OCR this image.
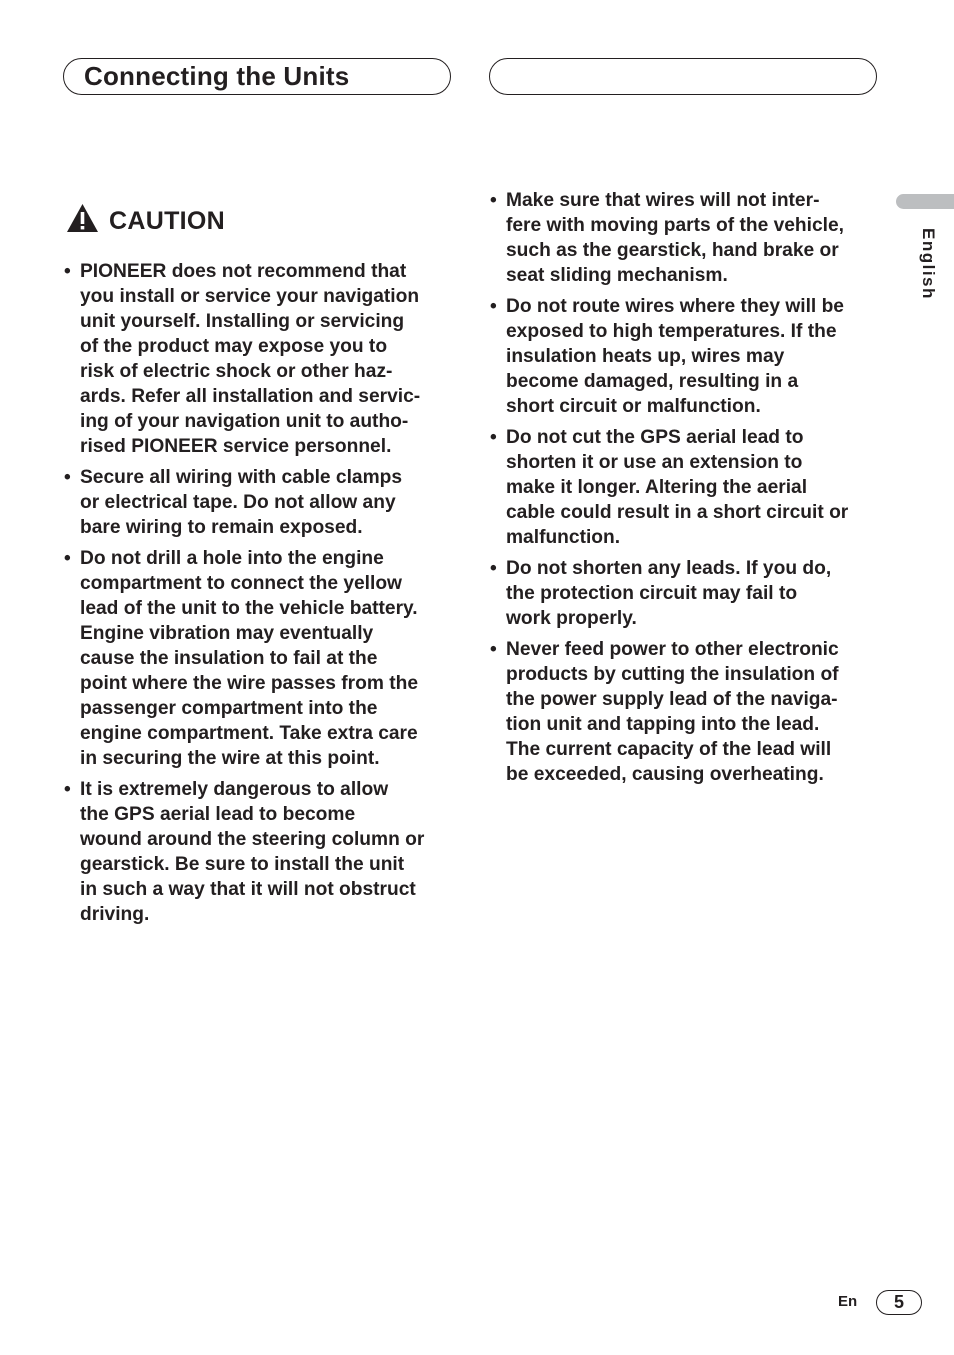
Connecting the Units
CAUTION
• PIONEER does not recommend that
you install or service your navigation
unit yourself. Installing or servicing
of the product may expose you to
risk of electric shock or other haz-
ards. Refer all installation and servic-
ing of your navigation unit to autho-
rised PIONEER service personnel.
• Secure all wiring with cable clamps
or electrical tape. Do not allow any
bare wiring to remain exposed.
• Do not drill a hole into the engine
compartment to connect the yellow
lead of the unit to the vehicle battery.
Engine vibration may eventually
cause the insulation to fail at the
point where the wire passes from the
passenger compartment into the
engine compartment. Take extra care
in securing the wire at this point.
• It is extremely dangerous to allow
the GPS aerial lead to become
wound around the steering column or
gearstick. Be sure to install the unit
in such a way that it will not obstruct
driving.
• Make sure that wires will not inter-
fere with moving parts of the vehicle,
such as the gearstick, hand brake or
seat sliding mechanism.
• Do not route wires where they will be
exposed to high temperatures. If the
insulation heats up, wires may
become damaged, resulting in a
short circuit or malfunction.
• Do not cut the GPS aerial lead to
shorten it or use an extension to
make it longer. Altering the aerial
cable could result in a short circuit or
malfunction.
• Do not shorten any leads. If you do,
the protection circuit may fail to
work properly.
• Never feed power to other electronic
products by cutting the insulation of
the power supply lead of the naviga-
tion unit and tapping into the lead.
The current capacity of the lead will
be exceeded, causing overheating.
English
En	5
